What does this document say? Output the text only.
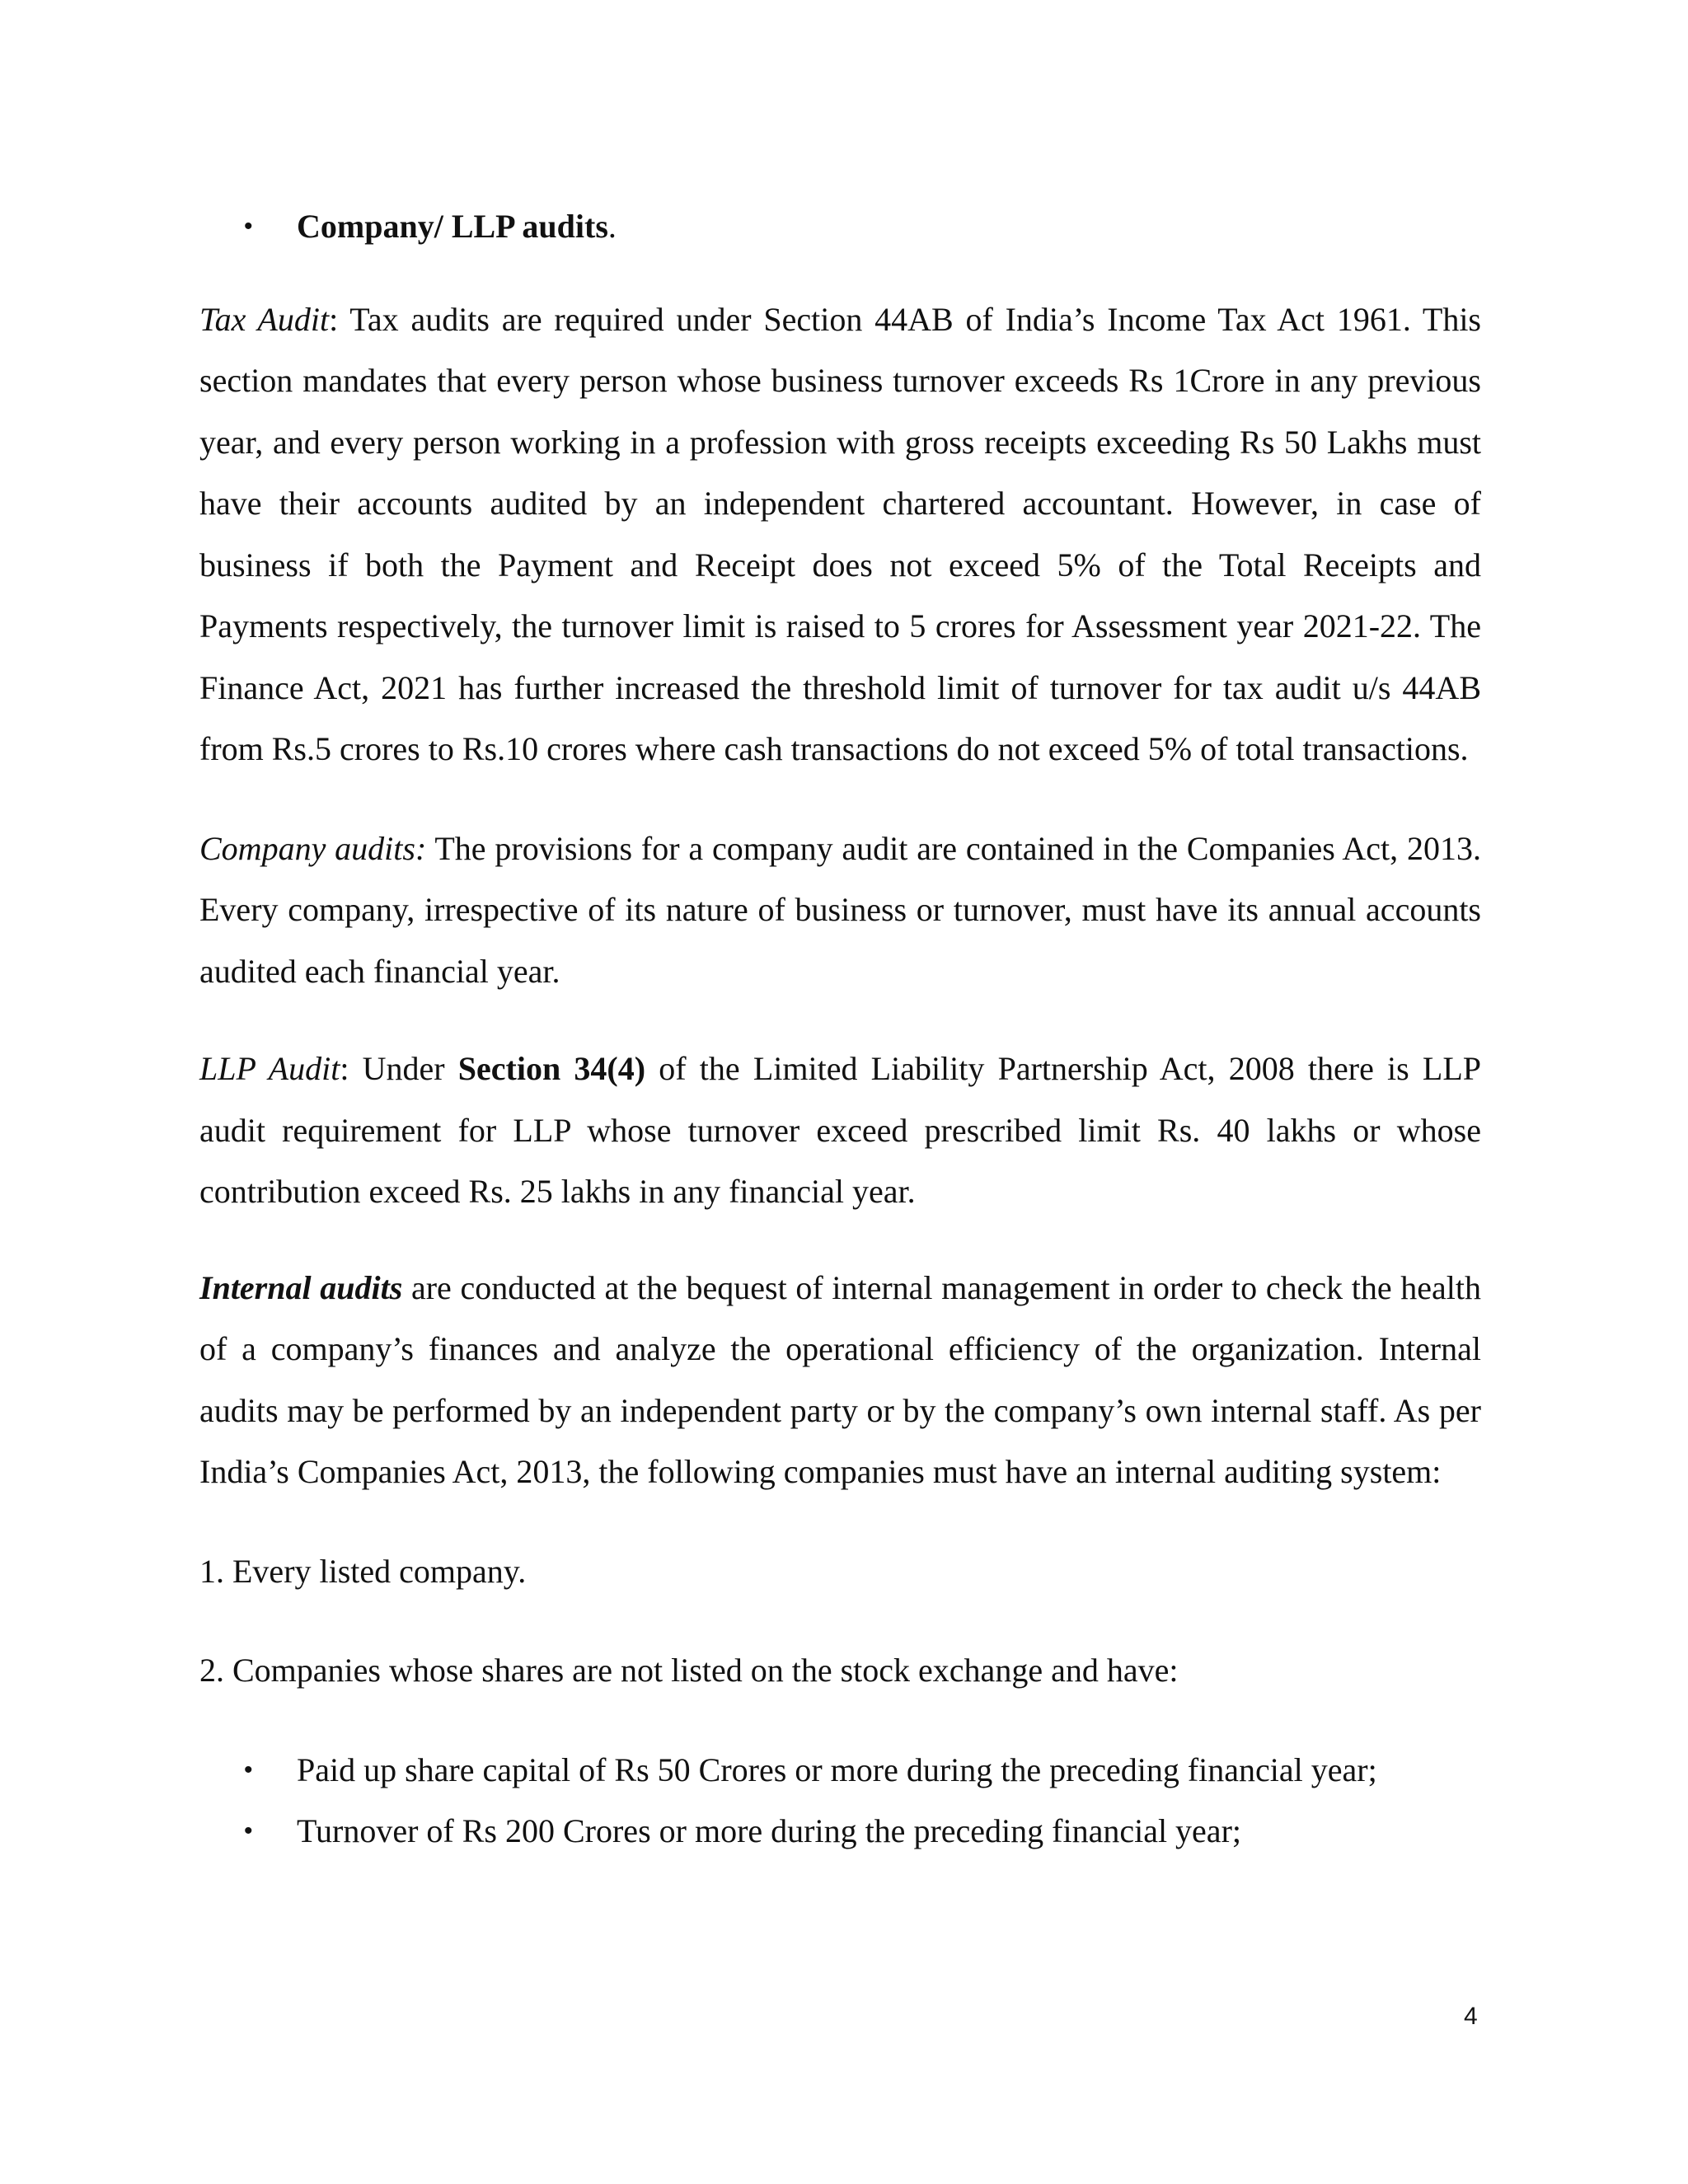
• Company/ LLP audits.

Tax Audit: Tax audits are required under Section 44AB of India’s Income Tax Act 1961. This section mandates that every person whose business turnover exceeds Rs 1Crore in any previous year, and every person working in a profession with gross receipts exceeding Rs 50 Lakhs must have their accounts audited by an independent chartered accountant. However, in case of business if both the Payment and Receipt does not exceed 5% of the Total Receipts and Payments respectively, the turnover limit is raised to 5 crores for Assessment year 2021-22. The Finance Act, 2021 has further increased the threshold limit of turnover for tax audit u/s 44AB from Rs.5 crores to Rs.10 crores where cash transactions do not exceed 5% of total transactions.

Company audits: The provisions for a company audit are contained in the Companies Act, 2013. Every company, irrespective of its nature of business or turnover, must have its annual accounts audited each financial year.

LLP Audit: Under Section 34(4) of the Limited Liability Partnership Act, 2008 there is LLP audit requirement for LLP whose turnover exceed prescribed limit Rs. 40 lakhs or whose contribution exceed Rs. 25 lakhs in any financial year.

Internal audits are conducted at the bequest of internal management in order to check the health of a company’s finances and analyze the operational efficiency of the organization. Internal audits may be performed by an independent party or by the company’s own internal staff. As per India’s Companies Act, 2013, the following companies must have an internal auditing system:

1. Every listed company.

2. Companies whose shares are not listed on the stock exchange and have:

• Paid up share capital of Rs 50 Crores or more during the preceding financial year;
• Turnover of Rs 200 Crores or more during the preceding financial year;
4
